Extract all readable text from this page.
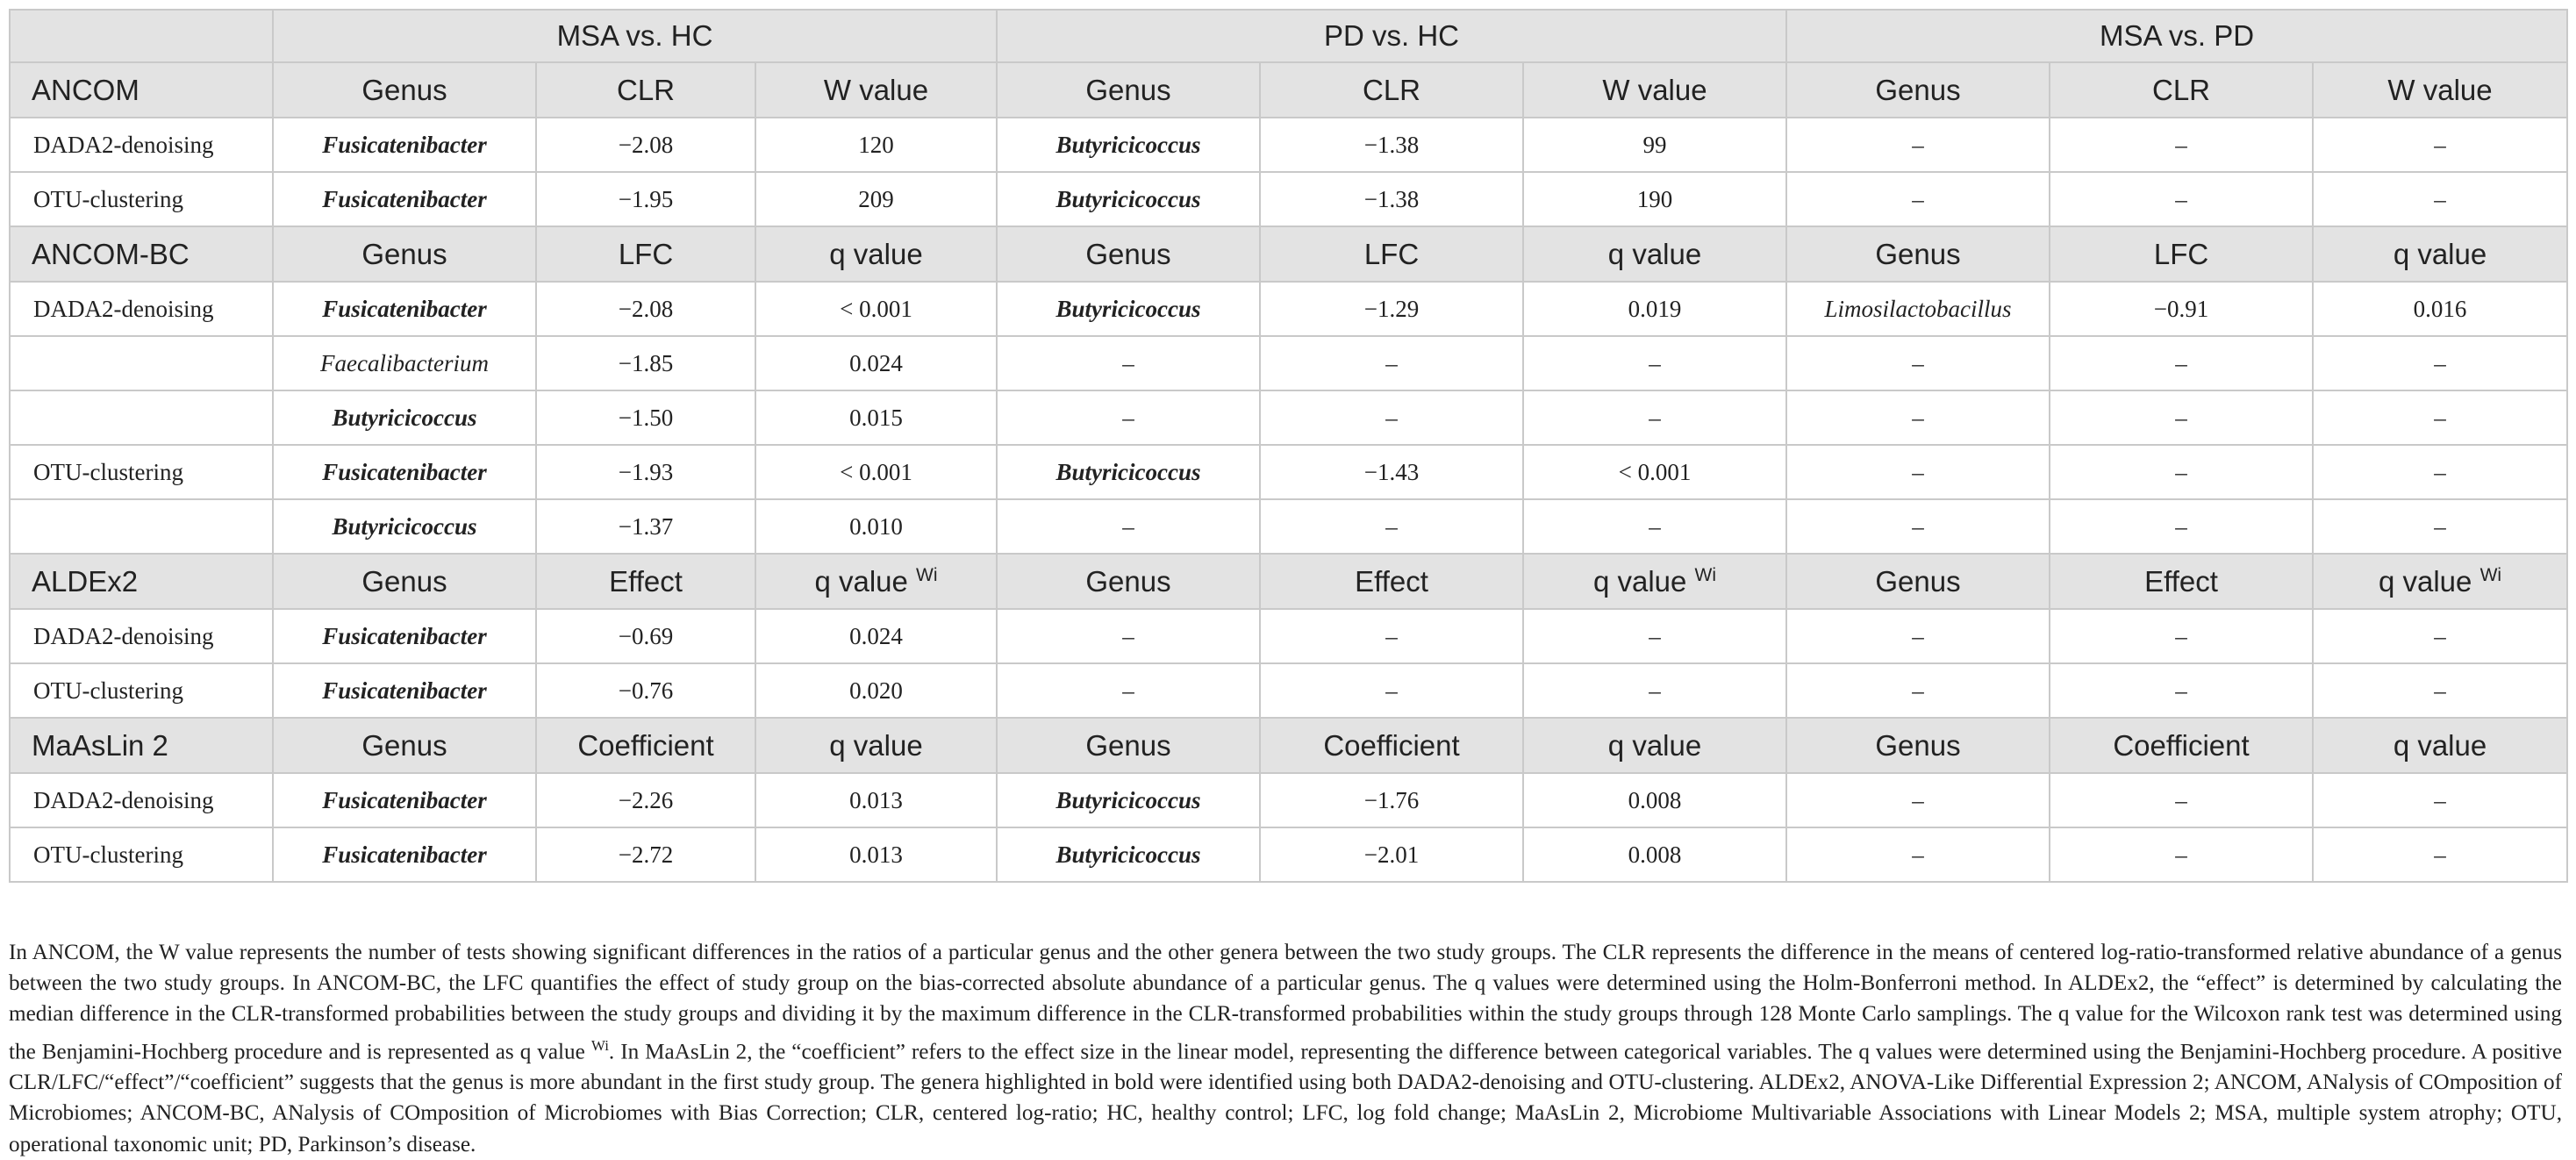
	MSA vs. HC			PD vs. HC			MSA vs. PD		
ANCOM	Genus	CLR	W value	Genus	CLR	W value	Genus	CLR	W value
DADA2-denoising	Fusicatenibacter	−2.08	120	Butyricicoccus	−1.38	99	–	–	–
OTU-clustering	Fusicatenibacter	−1.95	209	Butyricicoccus	−1.38	190	–	–	–
ANCOM-BC	Genus	LFC	q value	Genus	LFC	q value	Genus	LFC	q value
DADA2-denoising	Fusicatenibacter	−2.08	< 0.001	Butyricicoccus	−1.29	0.019	Limosilactobacillus	−0.91	0.016
	Faecalibacterium	−1.85	0.024	–	–	–	–	–	–
	Butyricicoccus	−1.50	0.015	–	–	–	–	–	–
OTU-clustering	Fusicatenibacter	−1.93	< 0.001	Butyricicoccus	−1.43	< 0.001	–	–	–
	Butyricicoccus	−1.37	0.010	–	–	–	–	–	–
ALDEx2	Genus	Effect	q value $^{Wi}$	Genus	Effect	q value $^{Wi}$	Genus	Effect	q value $^{Wi}$
DADA2-denoising	Fusicatenibacter	−0.69	0.024	–	–	–	–	–	–
OTU-clustering	Fusicatenibacter	−0.76	0.020	–	–	–	–	–	–
MaAsLin 2	Genus	Coefficient	q value	Genus	Coefficient	q value	Genus	Coefficient	q value
DADA2-denoising	Fusicatenibacter	−2.26	0.013	Butyricicoccus	−1.76	0.008	–	–	–
OTU-clustering	Fusicatenibacter	−2.72	0.013	Butyricicoccus	−2.01	0.008	–	–	–
In ANCOM, the W value represents the number of tests showing significant differences in the ratios of a particular genus and the other genera between the two study groups. The CLR represents the difference in the means of centered log-ratio-transformed relative abundance of a genus between the two study groups. In ANCOM-BC, the LFC quantifies the effect of study group on the bias-corrected absolute abundance of a particular genus. The q values were determined using the Holm-Bonferroni method. In ALDEx2, the “effect” is determined by calculating the median difference in the CLR-transformed probabilities between the study groups and dividing it by the maximum difference in the CLR-transformed probabilities within the study groups through 128 Monte Carlo samplings. The q value for the Wilcoxon rank test was determined using the Benjamini-Hochberg procedure and is represented as q value $^{Wi}$. In MaAsLin 2, the “coefficient” refers to the effect size in the linear model, representing the difference between categorical variables. The q values were determined using the Benjamini-Hochberg procedure. A positive CLR/LFC/“effect”/“coefficient” suggests that the genus is more abundant in the first study group. The genera highlighted in bold were identified using both DADA2-denoising and OTU-clustering. ALDEx2, ANOVA-Like Differential Expression 2; ANCOM, ANalysis of COmposition of Microbiomes; ANCOM-BC, ANalysis of COmposition of Microbiomes with Bias Correction; CLR, centered log-ratio; HC, healthy control; LFC, log fold change; MaAsLin 2, Microbiome Multivariable Associations with Linear Models 2; MSA, multiple system atrophy; OTU, operational taxonomic unit; PD, Parkinson’s disease.
